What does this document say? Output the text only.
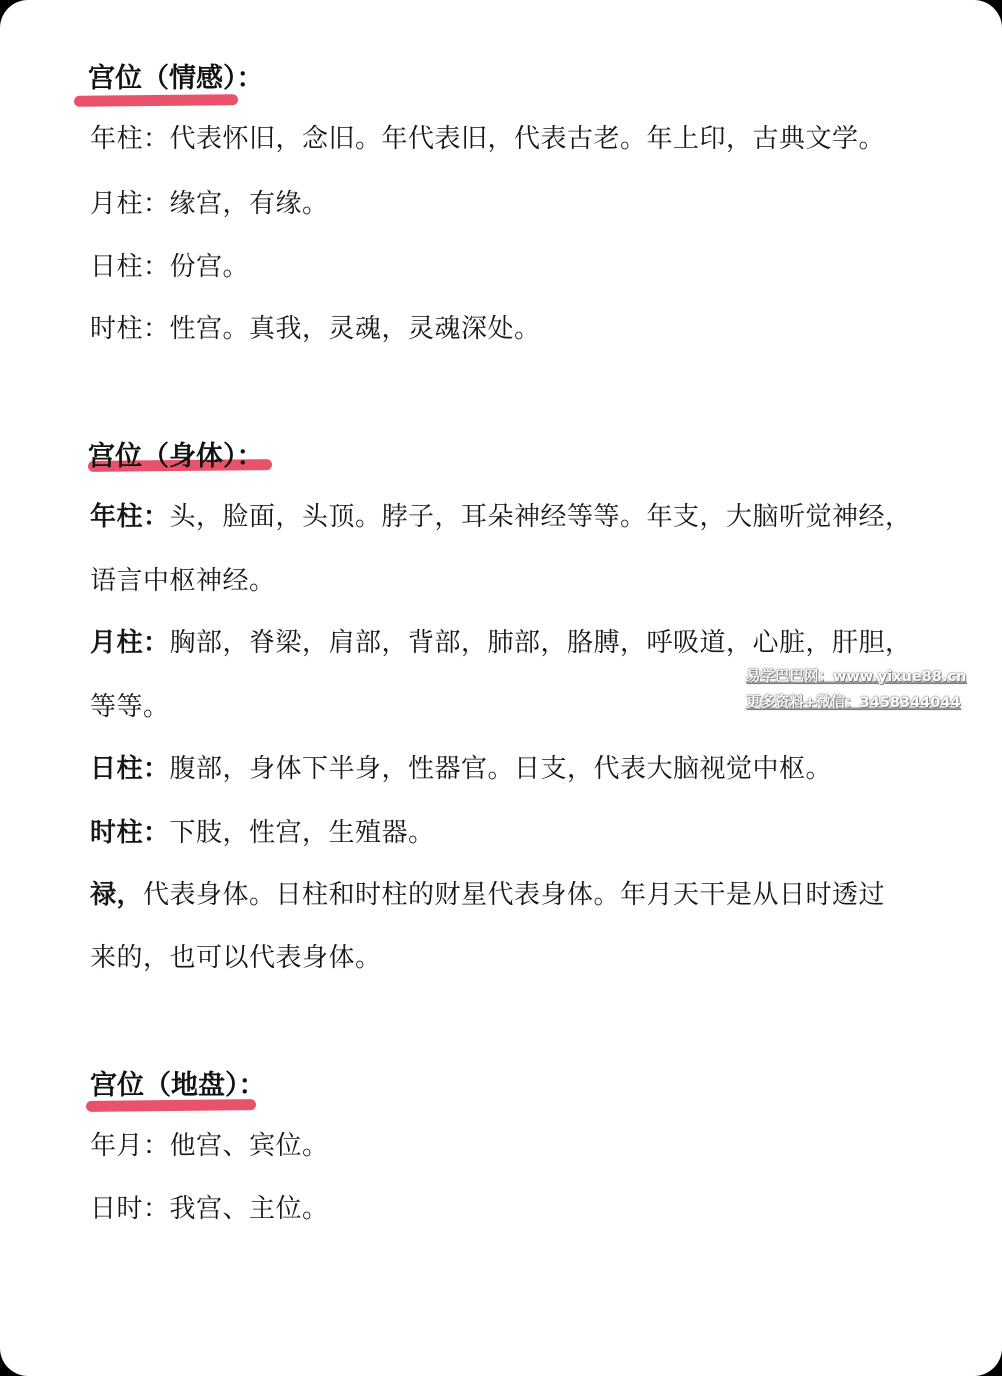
宫位（情感）：
年柱：代表怀旧，念旧。年代表旧，代表古老。年上印，古典文学。
月柱：缘宫，有缘。
日柱：份宫。
时柱：性宫。真我，灵魂，灵魂深处。
宫位（身体）：
年柱：头，脸面，头顶。脖子，耳朵神经等等。年支，大脑听觉神经，
语言中枢神经。
月柱：胸部，脊梁，肩部，背部，肺部，胳膊，呼吸道，心脏，肝胆，
等等。
日柱：腹部，身体下半身，性器官。日支，代表大脑视觉中枢。
时柱：下肢，性宫，生殖器。
禄，代表身体。日柱和时柱的财星代表身体。年月天干是从日时透过
来的，也可以代表身体。
宫位（地盘）：
年月：他宫、宾位。
日时：我宫、主位。
易学巴巴网：www.yixue88.cn
更多资料+微信：3458344044
